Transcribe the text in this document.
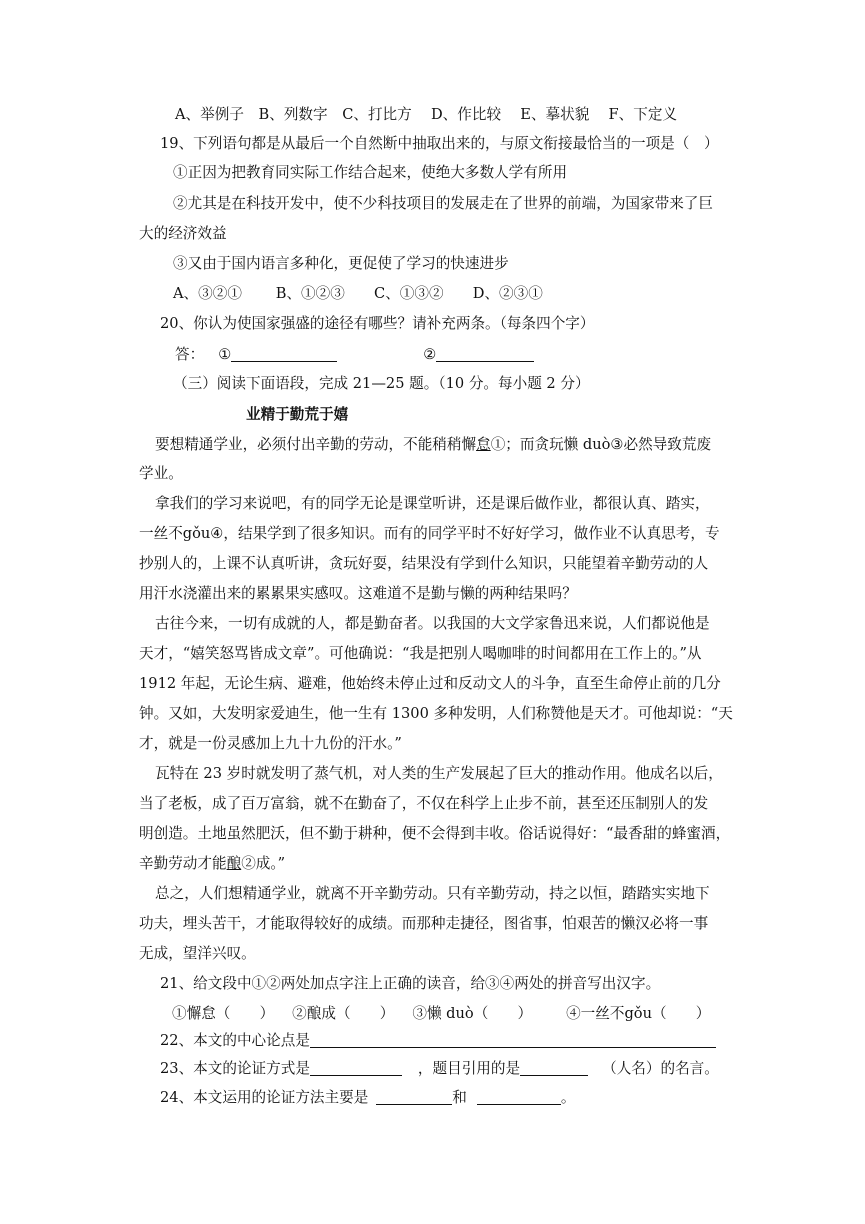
A、举例子　B、列数字　C、打比方　 D、作比较　 E、摹状貌　 F、下定义
19、下列语句都是从最后一个自然断中抽取出来的，与原文衔接最恰当的一项是（　）
①正因为把教育同实际工作结合起来，使绝大多数人学有所用
②尤其是在科技开发中，使不少科技项目的发展走在了世界的前端，为国家带来了巨
大的经济效益
③又由于国内语言多种化，更促使了学习的快速进步
A、③②①　　 B、①②③　　C、①③②　　D、②③①
20、你认为使国家强盛的途径有哪些？请补充两条。（每条四个字）
答： ①	②
（三）阅读下面语段，完成 21—25 题。（10 分。每小题 2 分）
业精于勤荒于嬉
要想精通学业，必须付出辛勤的劳动，不能稍稍懈怠①；而贪玩懒 duò③必然导致荒废
学业。
拿我们的学习来说吧，有的同学无论是课堂听讲，还是课后做作业，都很认真、踏实，
一丝不gǒu④，结果学到了很多知识。而有的同学平时不好好学习，做作业不认真思考，专
抄别人的，上课不认真听讲，贪玩好耍，结果没有学到什么知识，只能望着辛勤劳动的人
用汗水浇灌出来的累累果实感叹。这难道不是勤与懒的两种结果吗？
古往今来，一切有成就的人，都是勤奋者。以我国的大文学家鲁迅来说，人们都说他是
天才，“嬉笑怒骂皆成文章”。可他确说：“我是把别人喝咖啡的时间都用在工作上的。”从
1912 年起，无论生病、避难，他始终未停止过和反动文人的斗争，直至生命停止前的几分
钟。又如，大发明家爱迪生，他一生有 1300 多种发明，人们称赞他是天才。可他却说：“天
才，就是一份灵感加上九十九份的汗水。”
瓦特在 23 岁时就发明了蒸气机，对人类的生产发展起了巨大的推动作用。他成名以后，
当了老板，成了百万富翁，就不在勤奋了，不仅在科学上止步不前，甚至还压制别人的发
明创造。土地虽然肥沃，但不勤于耕种，便不会得到丰收。俗话说得好：“最香甜的蜂蜜酒，
辛勤劳动才能酿②成。”
总之，人们想精通学业，就离不开辛勤劳动。只有辛勤劳动，持之以恒，踏踏实实地下
功夫，埋头苦干，才能取得较好的成绩。而那种走捷径，图省事，怕艰苦的懒汉必将一事
无成，望洋兴叹。
21、给文段中①②两处加点字注上正确的读音，给③④两处的拼音写出汉字。
①懈怠（　　） ②酿成（　　） ③懒 duò（　　） ④一丝不gǒu（　　）
22、本文的中心论点是
23、本文的论证方式是	，题目引用的是	（人名）的名言。
24、本文运用的论证方法主要是	和	。
